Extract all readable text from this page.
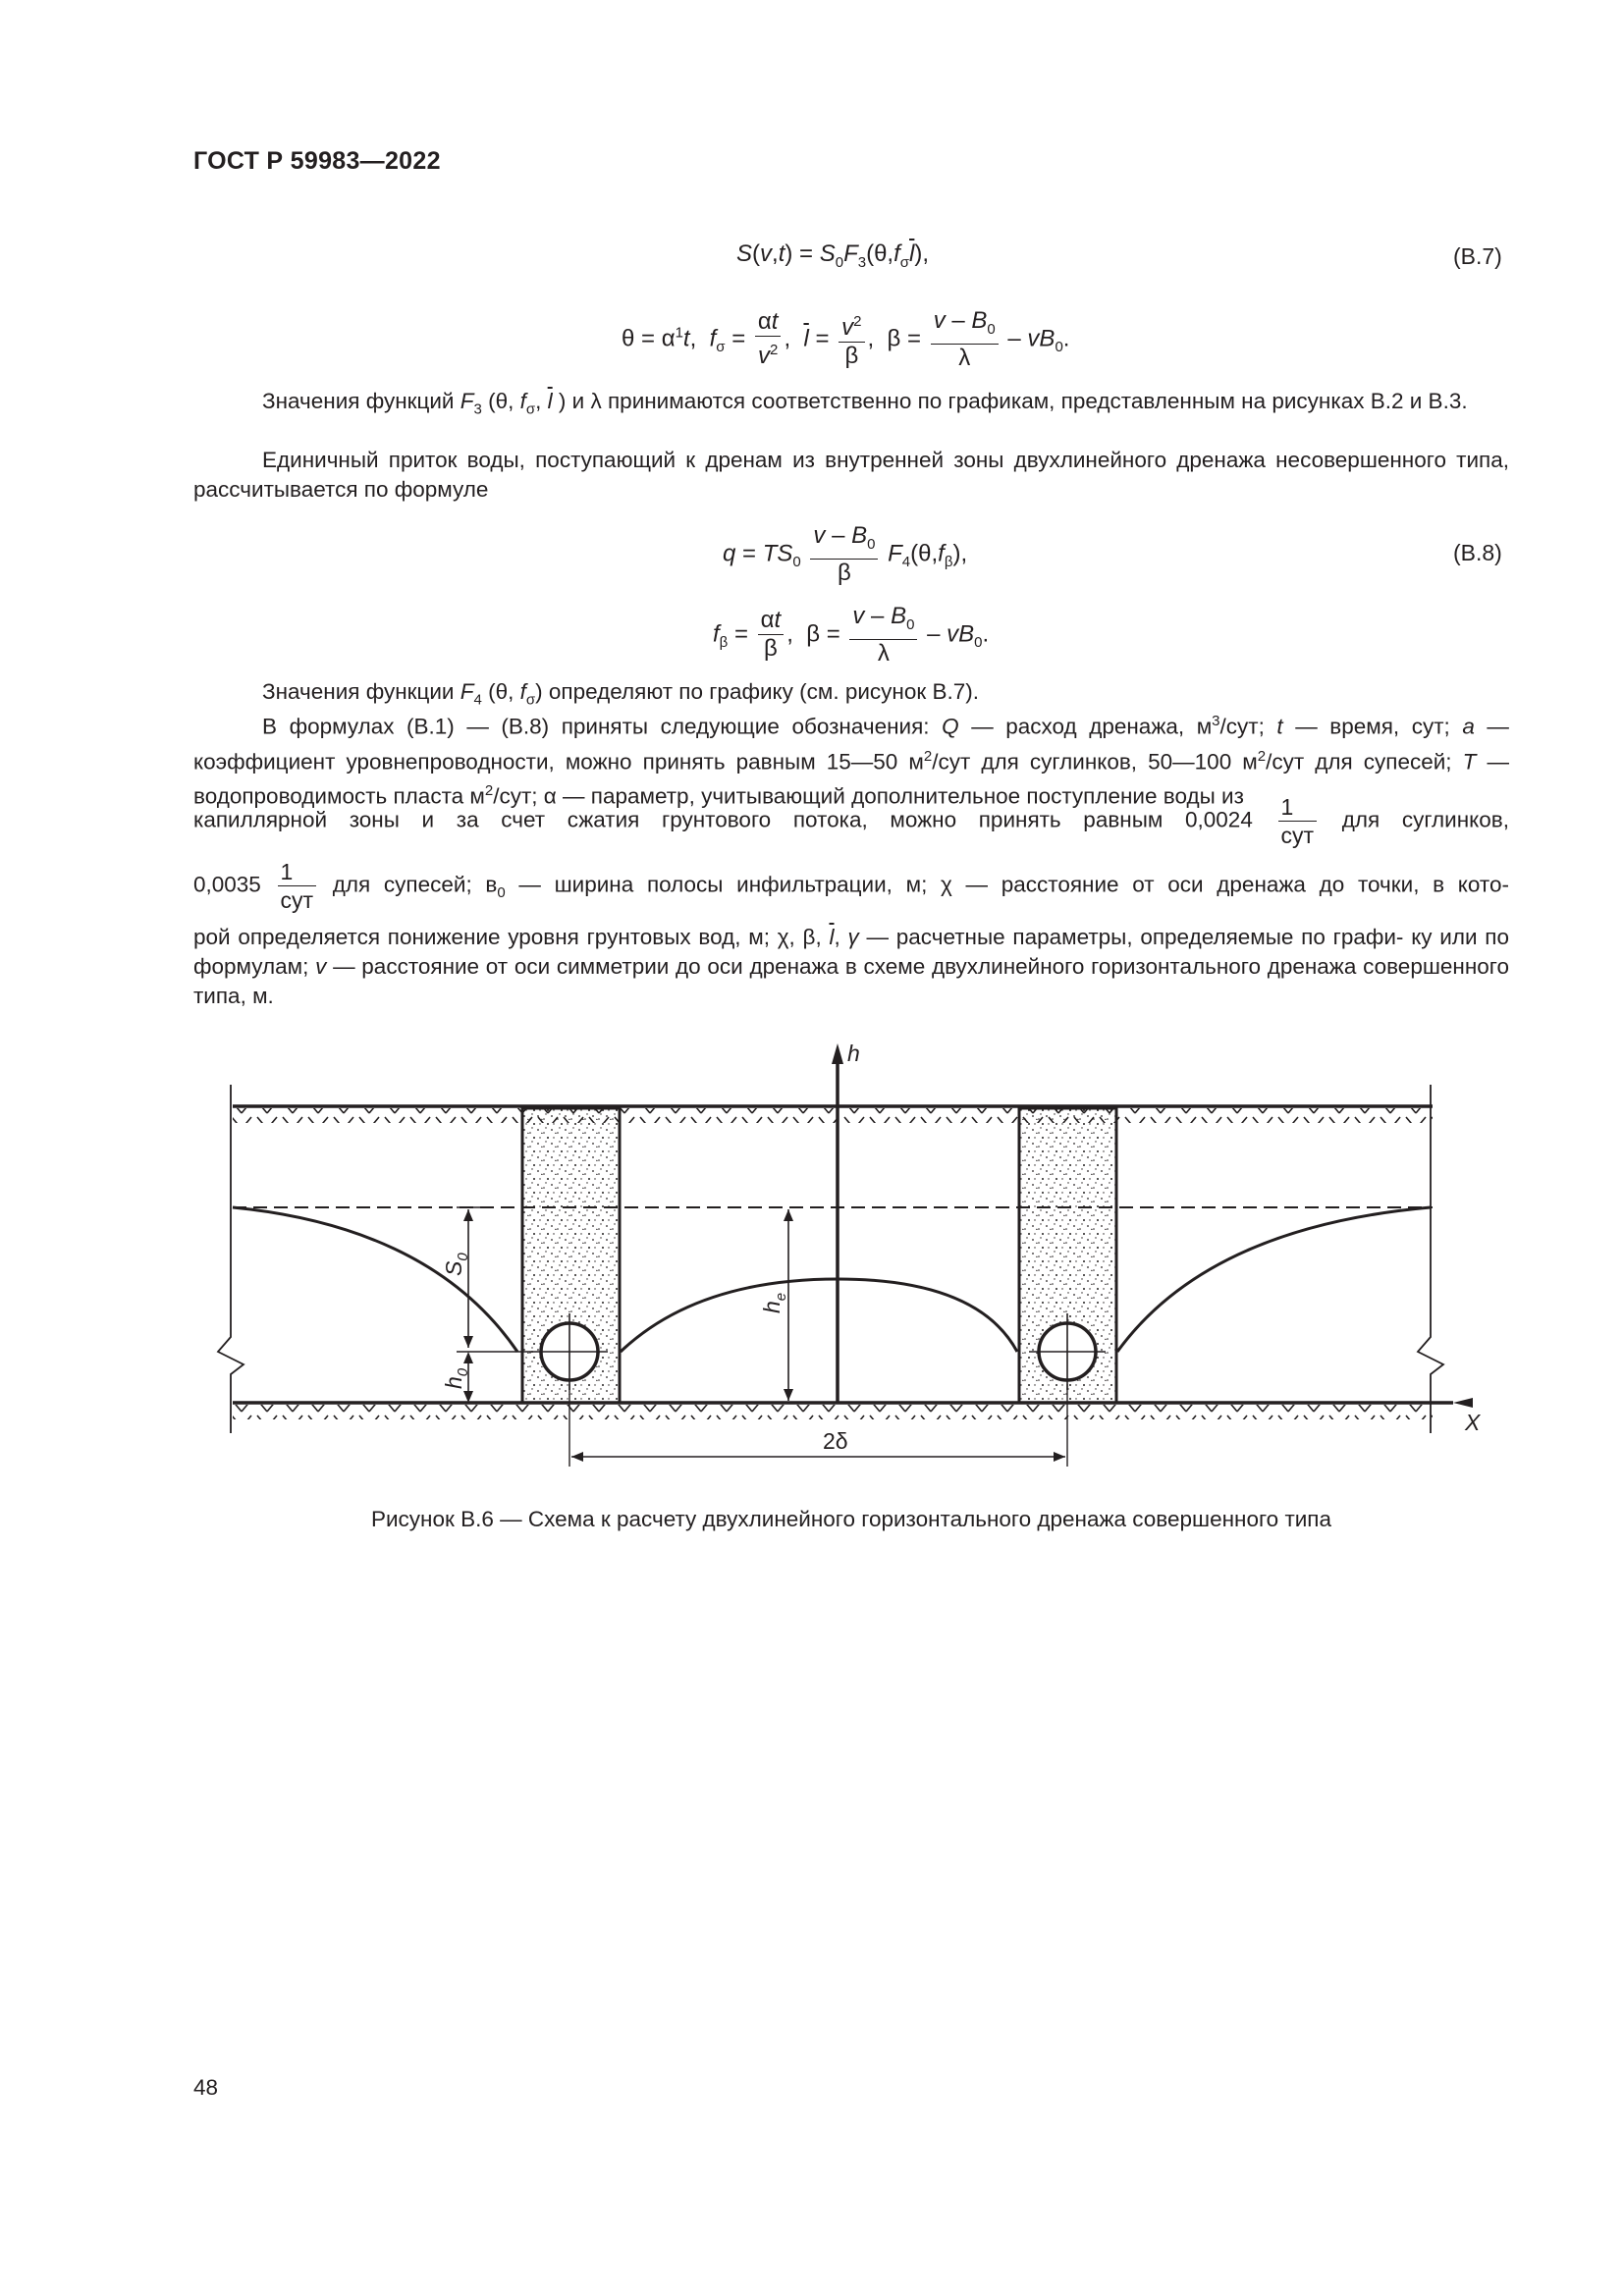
ГОСТ Р 59983—2022
$S(v,t) = S_0F_3(\theta,f_\sigma\overline{l})$,	(В.7)
$\theta = \alpha^1t$,  $f_\sigma = \frac{\alpha t}{v^2}$ ,  $\overline{l} = \frac{v^2}{\beta}$ ,  $\beta = \frac{v - B_0}{\lambda} - vB_0$.
Значения функций $F_3$ (θ, $f_\sigma$, $\overline{l}$ ) и λ принимаются соответственно по графикам, представленным на рисунках В.2 и В.3.
Единичный приток воды, поступающий к дренам из внутренней зоны двухлинейного дренажа несовершенного типа, рассчитывается по формуле
$q = TS_0 \frac{v - B_0}{\beta} F_4(\theta,f_\beta)$,	(В.8)
$f_\beta = \frac{\alpha t}{\beta}$ ,  $\beta = \frac{v - B_0}{\lambda} - vB_0$.
Значения функции $F_4$ (θ, $f_\sigma$) определяют по графику (см. рисунок В.7).
В формулах (В.1) — (В.8) приняты следующие обозначения: Q — расход дренажа, $м^3$/сут; t — время, сут; а — коэффициент уровнепроводности, можно принять равным 15—50 $м^2$/сут для суглинков, 50—100 $м^2$/сут для супесей; Т — водопроводимость пласта $м^2$/сут; α — параметр, учитывающий дополнительное поступление воды из
капиллярной зоны и за счет сжатия грунтового потока, можно принять равным $0,0024 \frac{1}{\text{сут}}$ для суглинков,
$0,0035 \frac{1}{\text{сут}}$ для супесей; $в_0$ — ширина полосы инфильтрации, м; χ — расстояние от оси дренажа до точки, в кото-
рой определяется понижение уровня грунтовых вод, м; χ, β, $\overline{l}$, γ — расчетные параметры, определяемые по графи- ку или по формулам; v — расстояние от оси симметрии до оси дренажа в схеме двухлинейного горизонтального дренажа совершенного типа, м.
h
X
$S_0$
$h_0$
$h_e$
2δ
Рисунок В.6 — Схема к расчету двухлинейного горизонтального дренажа совершенного типа
48
